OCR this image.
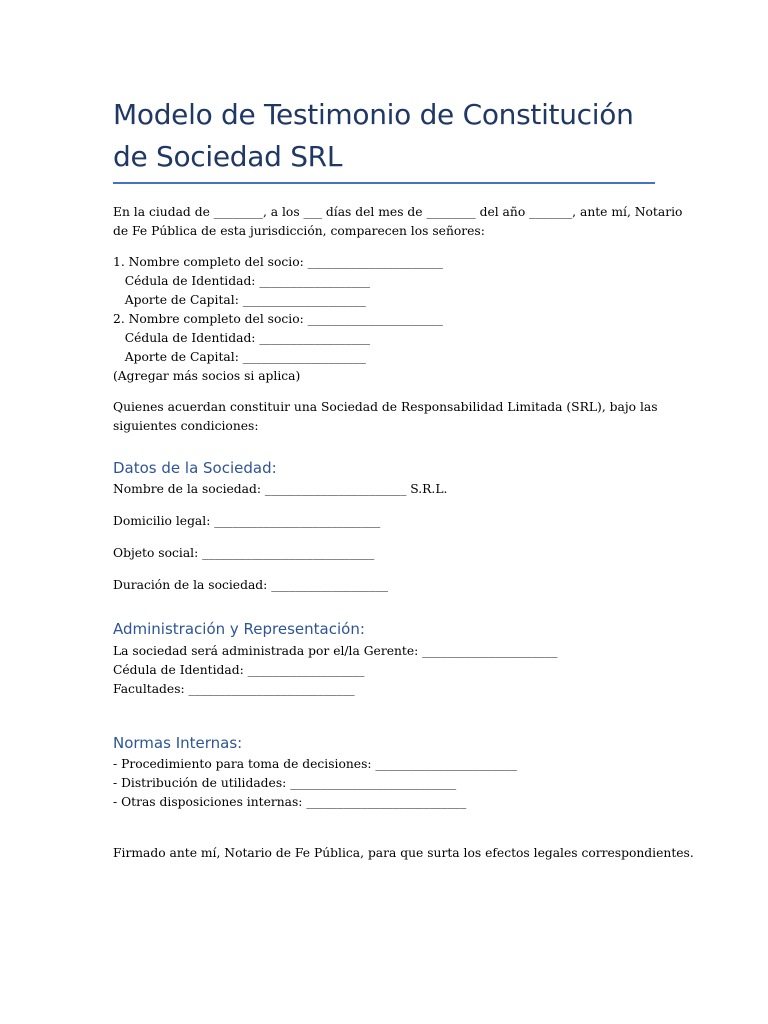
Modelo de Testimonio de Constitución
de Sociedad SRL
En la ciudad de ________, a los ___ días del mes de ________ del año _______, ante mí, Notario
de Fe Pública de esta jurisdicción, comparecen los señores:
1. Nombre completo del socio: ______________________
Cédula de Identidad: __________________
Aporte de Capital: ____________________
2. Nombre completo del socio: ______________________
Cédula de Identidad: __________________
Aporte de Capital: ____________________
(Agregar más socios si aplica)
Quienes acuerdan constituir una Sociedad de Responsabilidad Limitada (SRL), bajo las
siguientes condiciones:
Datos de la Sociedad:
Nombre de la sociedad: _______________________ S.R.L.
Domicilio legal: ___________________________
Objeto social: ____________________________
Duración de la sociedad: ___________________
Administración y Representación:
La sociedad será administrada por el/la Gerente: ______________________
Cédula de Identidad: ___________________
Facultades: ___________________________
Normas Internas:
- Procedimiento para toma de decisiones: _______________________
- Distribución de utilidades: ___________________________
- Otras disposiciones internas: __________________________
Firmado ante mí, Notario de Fe Pública, para que surta los efectos legales correspondientes.
